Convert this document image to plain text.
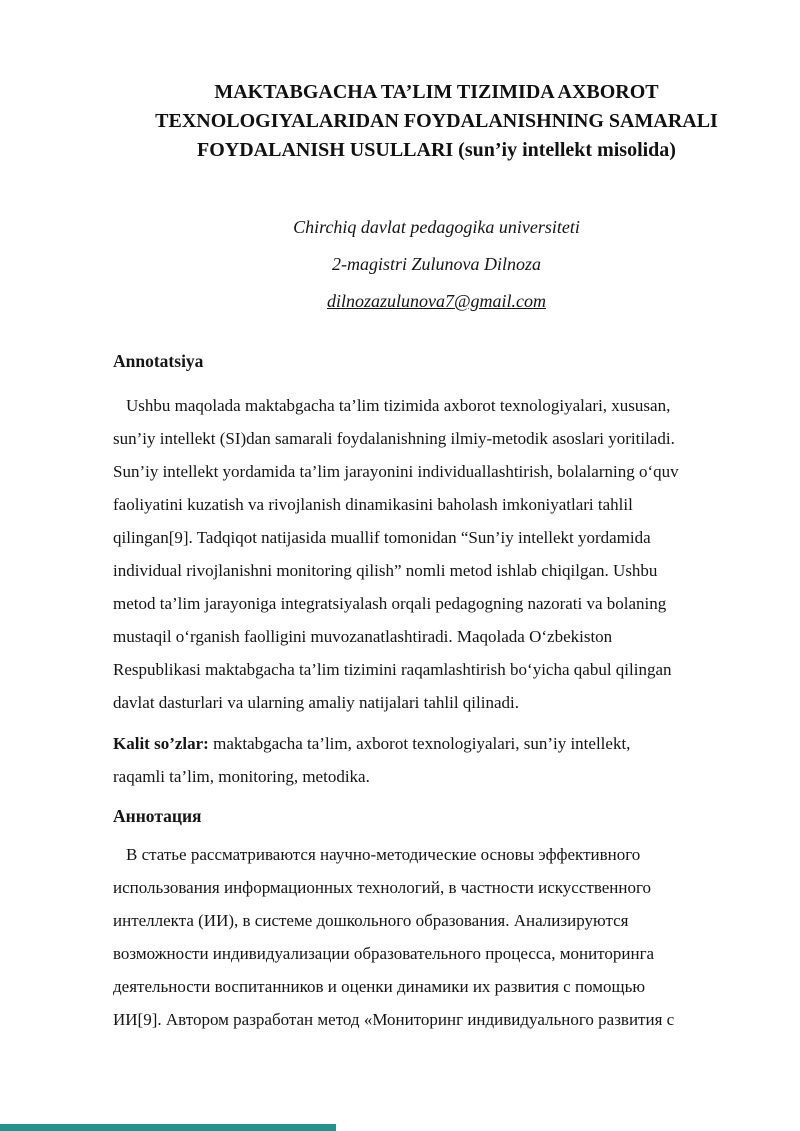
MAKTABGACHA TA’LIM TIZIMIDA AXBOROT
TEXNOLOGIYALARIDAN FOYDALANISHNING SAMARALI
FOYDALANISH USULLARI (sun’iy intellekt misolida)
Chirchiq davlat pedagogika universiteti
2-magistri Zulunova Dilnoza
dilnozazulunova7@gmail.com
Annotatsiya
Ushbu maqolada maktabgacha ta’lim tizimida axborot texnologiyalari, xususan,
sun’iy intellekt (SI)dan samarali foydalanishning ilmiy-metodik asoslari yoritiladi.
Sun’iy intellekt yordamida ta’lim jarayonini individuallashtirish, bolalarning oʻquv
faoliyatini kuzatish va rivojlanish dinamikasini baholash imkoniyatlari tahlil
qilingan[9]. Tadqiqot natijasida muallif tomonidan “Sun’iy intellekt yordamida
individual rivojlanishni monitoring qilish” nomli metod ishlab chiqilgan. Ushbu
metod ta’lim jarayoniga integratsiyalash orqali pedagogning nazorati va bolaning
mustaqil oʻrganish faolligini muvozanatlashtiradi. Maqolada Oʻzbekiston
Respublikasi maktabgacha ta’lim tizimini raqamlashtirish boʻyicha qabul qilingan
davlat dasturlari va ularning amaliy natijalari tahlil qilinadi.
Kalit so’zlar: maktabgacha ta’lim, axborot texnologiyalari, sun’iy intellekt,
raqamli ta’lim, monitoring, metodika.
Аннотация
В статье рассматриваются научно-методические основы эффективного
использования информационных технологий, в частности искусственного
интеллекта (ИИ), в системе дошкольного образования. Анализируются
возможности индивидуализации образовательного процесса, мониторинга
деятельности воспитанников и оценки динамики их развития с помощью
ИИ[9]. Автором разработан метод «Мониторинг индивидуального развития с
